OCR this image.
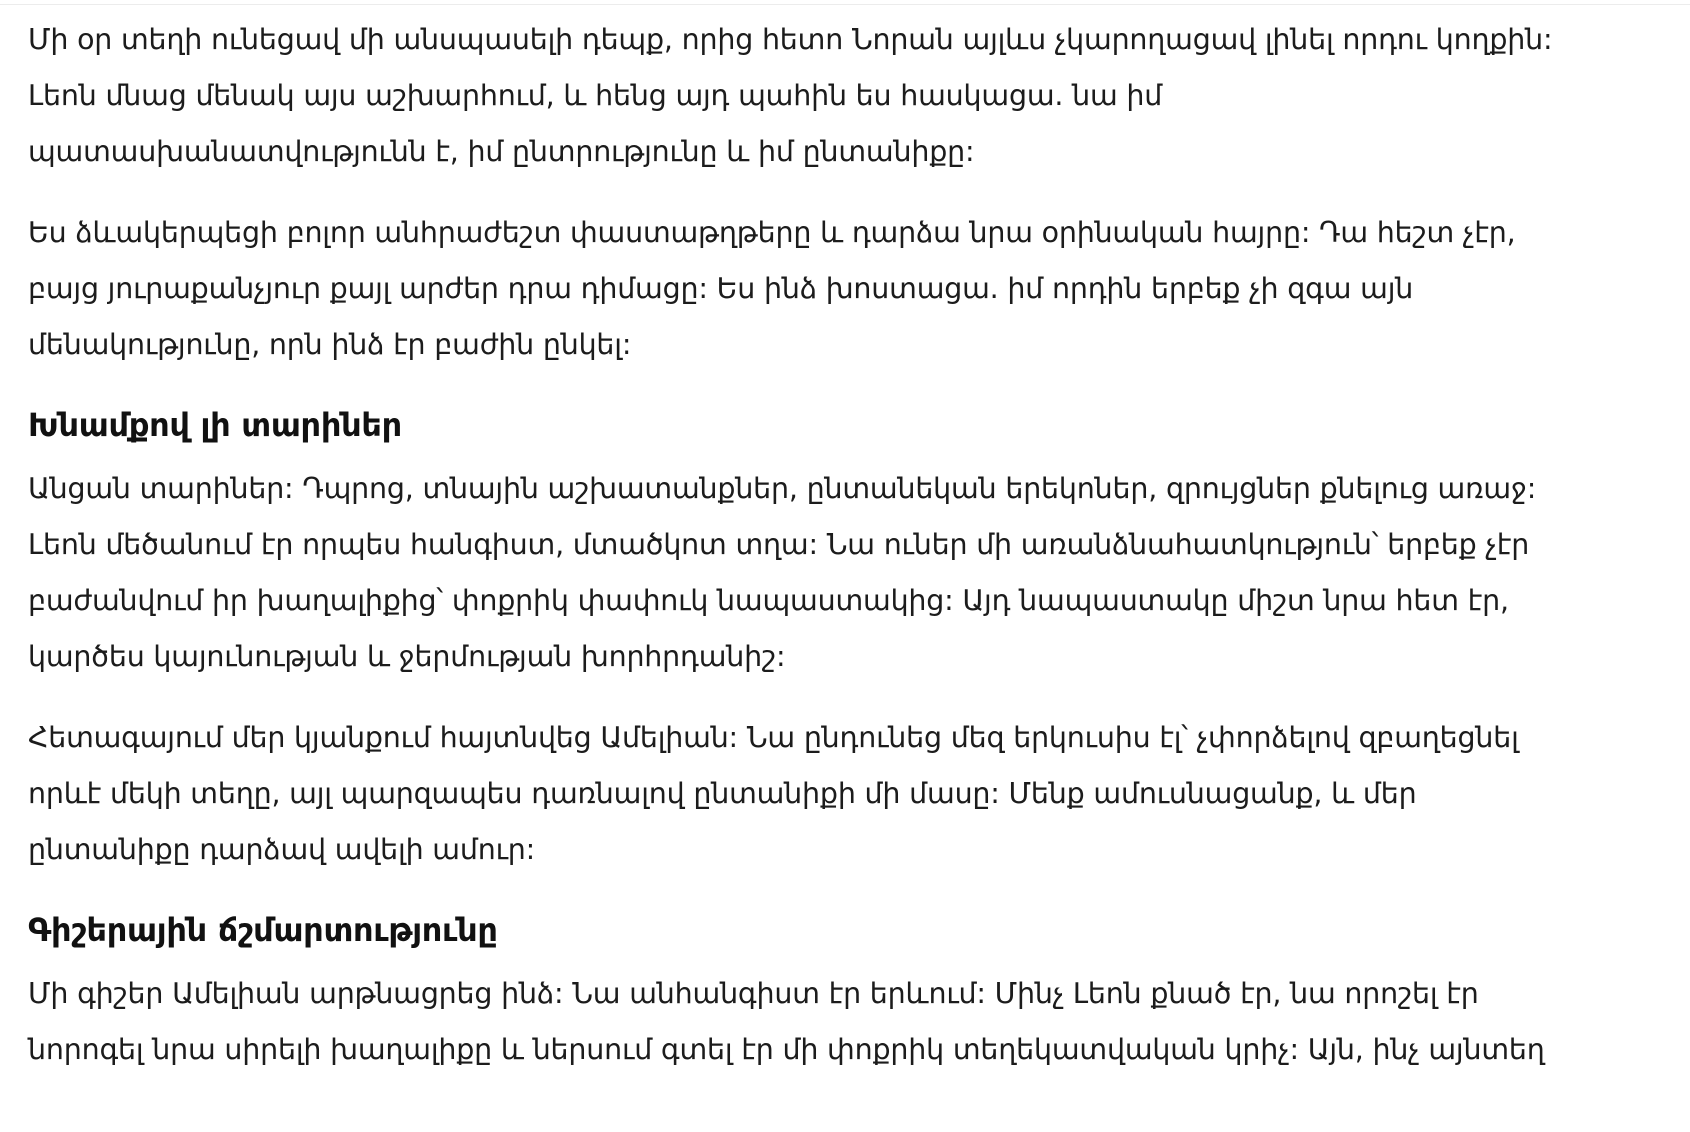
Մի օր տեղի ունեցավ մի անսպասելի դեպք, որից հետո Նորան այլևս չկարողացավ լինել որդու կողքին:
Լեոն մնաց մենակ այս աշխարհում, և հենց այդ պահին ես հասկացա. նա իմ
պատասխանատվությունն է, իմ ընտրությունը և իմ ընտանիքը:

Ես ձևակերպեցի բոլոր անհրաժեշտ փաստաթղթերը և դարձա նրա օրինական հայրը: Դա հեշտ չէր,
բայց յուրաքանչյուր քայլ արժեր դրա դիմացը: Ես ինձ խոստացա. իմ որդին երբեք չի զգա այն
մենակությունը, որն ինձ էր բաժին ընկել:

Խնամքով լի տարիներ

Անցան տարիներ: Դպրոց, տնային աշխատանքներ, ընտանեկան երեկոներ, զրույցներ քնելուց առաջ:
Լեոն մեծանում էր որպես հանգիստ, մտածկոտ տղա: Նա ուներ մի առանձնահատկություն՝ երբեք չէր
բաժանվում իր խաղալիքից՝ փոքրիկ փափուկ նապաստակից: Այդ նապաստակը միշտ նրա հետ էր,
կարծես կայունության և ջերմության խորհրդանիշ:

Հետագայում մեր կյանքում հայտնվեց Ամելիան: Նա ընդունեց մեզ երկուսիս էլ՝ չփորձելով զբաղեցնել
որևէ մեկի տեղը, այլ պարզապես դառնալով ընտանիքի մի մասը: Մենք ամուսնացանք, և մեր
ընտանիքը դարձավ ավելի ամուր:

Գիշերային ճշմարտությունը

Մի գիշեր Ամելիան արթնացրեց ինձ: Նա անհանգիստ էր երևում: Մինչ Լեոն քնած էր, նա որոշել էր
նորոգել նրա սիրելի խաղալիքը և ներսում գտել էր մի փոքրիկ տեղեկատվական կրիչ: Այն, ինչ այնտեղ
